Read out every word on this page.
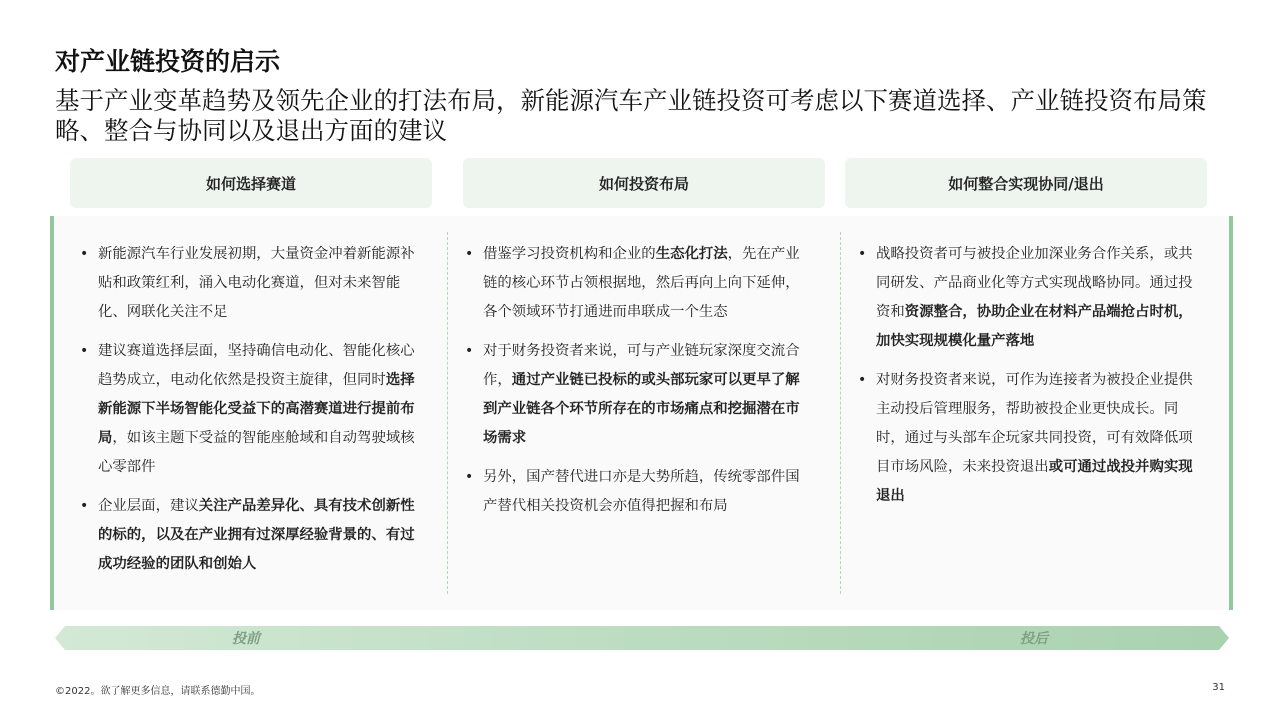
对产业链投资的启示
基于产业变革趋势及领先企业的打法布局，新能源汽车产业链投资可考虑以下赛道选择、产业链投资布局策略、整合与协同以及退出方面的建议
如何选择赛道	如何投资布局	如何整合实现协同/退出
• 新能源汽车行业发展初期，大量资金冲着新能源补贴和政策红利，涌入电动化赛道，但对未来智能化、网联化关注不足
• 建议赛道选择层面，坚持确信电动化、智能化核心趋势成立，电动化依然是投资主旋律，但同时选择新能源下半场智能化受益下的高潜赛道进行提前布局，如该主题下受益的智能座舱域和自动驾驶域核心零部件
• 企业层面，建议关注产品差异化、具有技术创新性的标的，以及在产业拥有过深厚经验背景的、有过成功经验的团队和创始人
• 借鉴学习投资机构和企业的生态化打法，先在产业链的核心环节占领根据地，然后再向上向下延伸，各个领域环节打通进而串联成一个生态
• 对于财务投资者来说，可与产业链玩家深度交流合作，通过产业链已投标的或头部玩家可以更早了解到产业链各个环节所存在的市场痛点和挖掘潜在市场需求
• 另外，国产替代进口亦是大势所趋，传统零部件国产替代相关投资机会亦值得把握和布局
• 战略投资者可与被投企业加深业务合作关系，或共同研发、产品商业化等方式实现战略协同。通过投资和资源整合，协助企业在材料产品端抢占时机，加快实现规模化量产落地
• 对财务投资者来说，可作为连接者为被投企业提供主动投后管理服务，帮助被投企业更快成长。同时，通过与头部车企玩家共同投资，可有效降低项目市场风险，未来投资退出或可通过战投并购实现退出
投前	投后
©2022。欲了解更多信息，请联系德勤中国。	31
